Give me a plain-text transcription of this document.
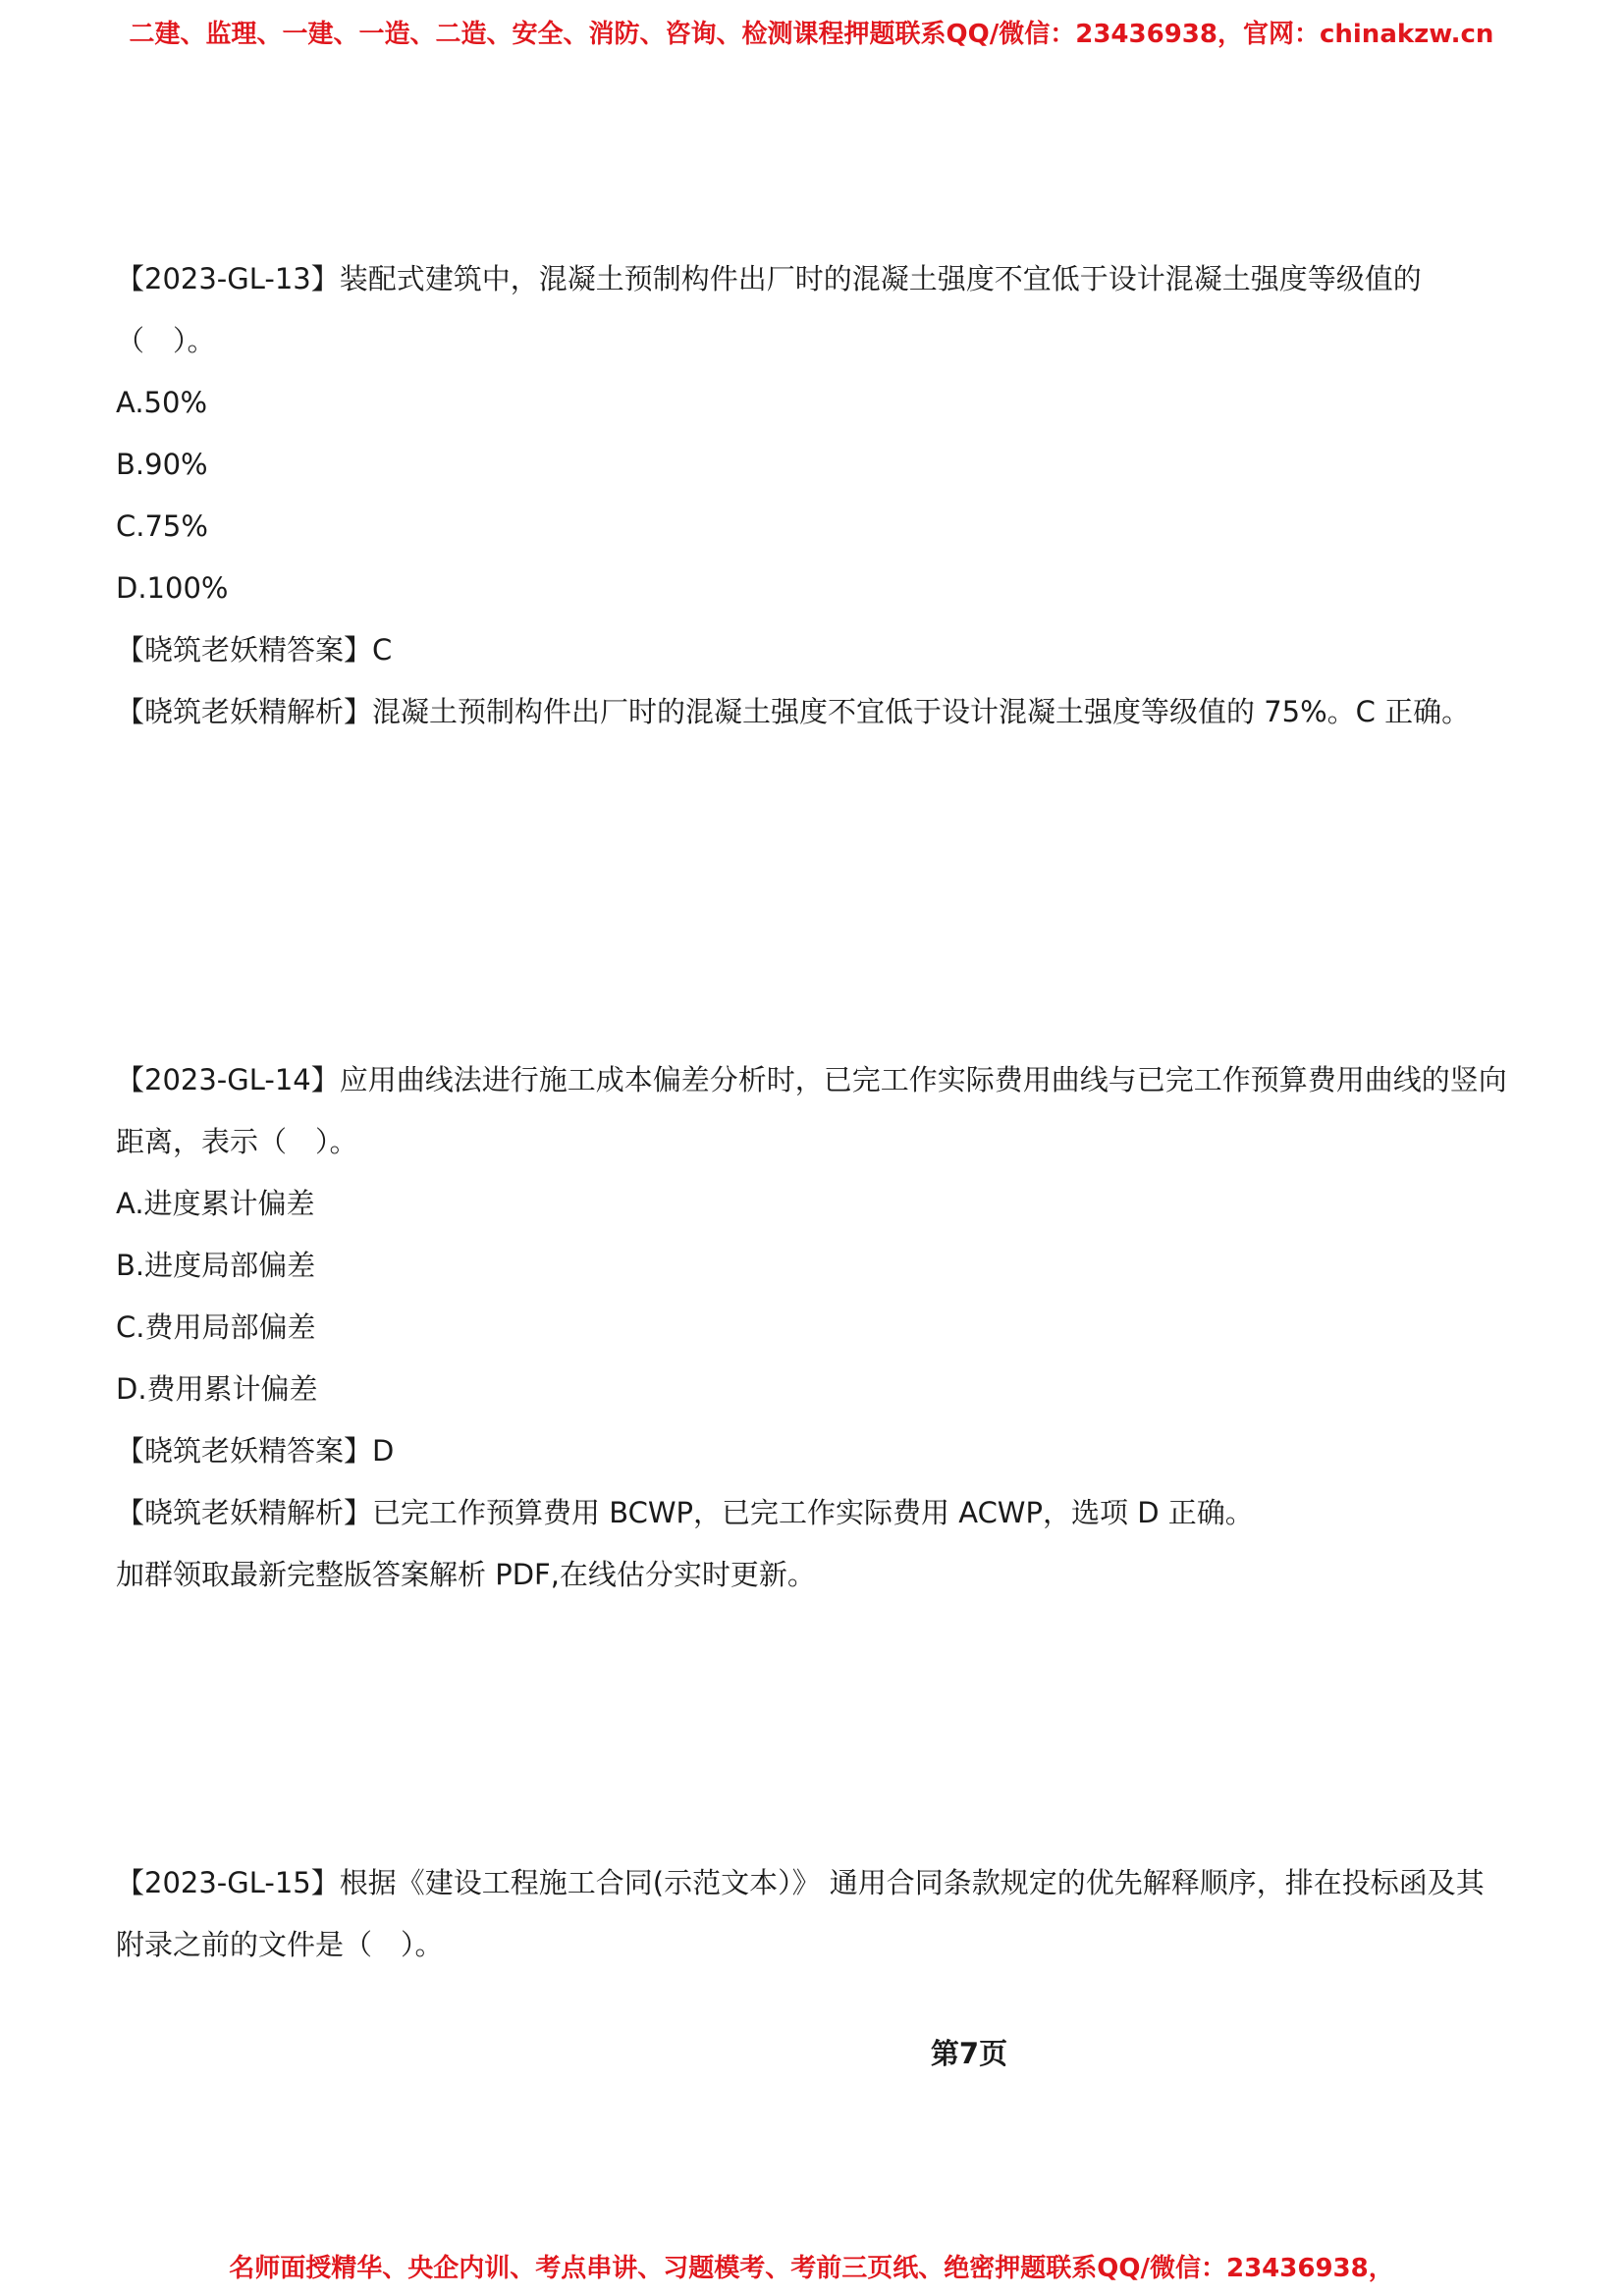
二建、监理、一建、一造、二造、安全、消防、咨询、检测课程押题联系QQ/微信：23436938，官网：chinakzw.cn
【2023-GL-13】装配式建筑中，混凝土预制构件出厂时的混凝土强度不宜低于设计混凝土强度等级值的（　）。
A.50%
B.90%
C.75%
D.100%
【晓筑老妖精答案】C
【晓筑老妖精解析】混凝土预制构件出厂时的混凝土强度不宜低于设计混凝土强度等级值的 75%。C 正确。
【2023-GL-14】应用曲线法进行施工成本偏差分析时，已完工作实际费用曲线与已完工作预算费用曲线的竖向距离，表示（　）。
A.进度累计偏差
B.进度局部偏差
C.费用局部偏差
D.费用累计偏差
【晓筑老妖精答案】D
【晓筑老妖精解析】已完工作预算费用 BCWP，已完工作实际费用 ACWP，选项 D 正确。
加群领取最新完整版答案解析 PDF,在线估分实时更新。
【2023-GL-15】根据《建设工程施工合同(示范文本）》 通用合同条款规定的优先解释顺序，排在投标函及其附录之前的文件是（　）。
第7页
名师面授精华、央企内训、考点串讲、习题模考、考前三页纸、绝密押题联系QQ/微信：23436938，
